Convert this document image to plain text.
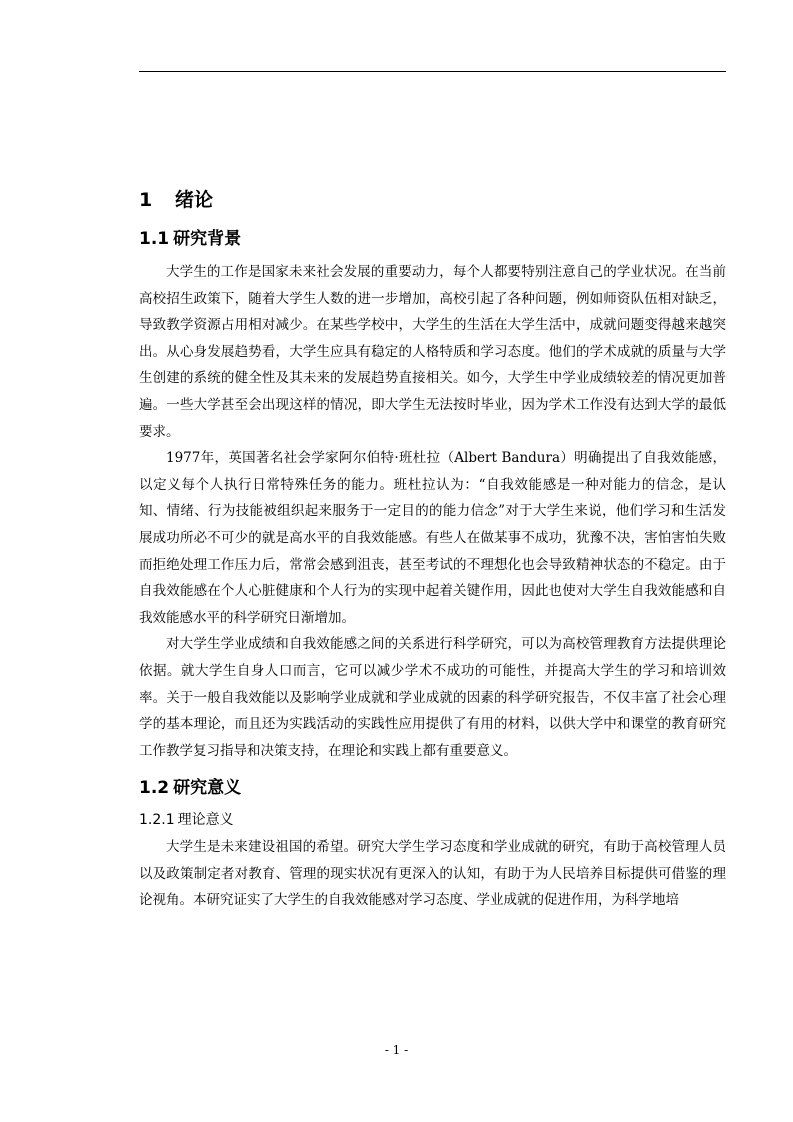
1 绪论
1.1 研究背景

大学生的工作是国家未来社会发展的重要动力，每个人都要特别注意自己的学业状况。在当前高校招生政策下，随着大学生人数的进一步增加，高校引起了各种问题，例如师资队伍相对缺乏，导致教学资源占用相对减少。在某些学校中，大学生的生活在大学生活中，成就问题变得越来越突出。从心身发展趋势看，大学生应具有稳定的人格特质和学习态度。他们的学术成就的质量与大学生创建的系统的健全性及其未来的发展趋势直接相关。如今，大学生中学业成绩较差的情况更加普遍。一些大学甚至会出现这样的情况，即大学生无法按时毕业，因为学术工作没有达到大学的最低要求。

1977年，英国著名社会学家阿尔伯特·班杜拉（Albert Bandura）明确提出了自我效能感，以定义每个人执行日常特殊任务的能力。班杜拉认为：“自我效能感是一种对能力的信念，是认知、情绪、行为技能被组织起来服务于一定目的的能力信念”对于大学生来说，他们学习和生活发展成功所必不可少的就是高水平的自我效能感。有些人在做某事不成功，犹豫不决，害怕害怕失败而拒绝处理工作压力后，常常会感到沮丧，甚至考试的不理想化也会导致精神状态的不稳定。由于自我效能感在个人心脏健康和个人行为的实现中起着关键作用，因此也使对大学生自我效能感和自我效能感水平的科学研究日渐增加。

对大学生学业成绩和自我效能感之间的关系进行科学研究，可以为高校管理教育方法提供理论依据。就大学生自身人口而言，它可以减少学术不成功的可能性，并提高大学生的学习和培训效率。关于一般自我效能以及影响学业成就和学业成就的因素的科学研究报告，不仅丰富了社会心理学的基本理论，而且还为实践活动的实践性应用提供了有用的材料，以供大学中和课堂的教育研究工作教学复习指导和决策支持，在理论和实践上都有重要意义。

1.2 研究意义
1.2.1 理论意义

大学生是未来建设祖国的希望。研究大学生学习态度和学业成就的研究，有助于高校管理人员以及政策制定者对教育、管理的现实状况有更深入的认知，有助于为人民培养目标提供可借鉴的理论视角。本研究证实了大学生的自我效能感对学习态度、学业成就的促进作用，为科学地培

- 1 -
